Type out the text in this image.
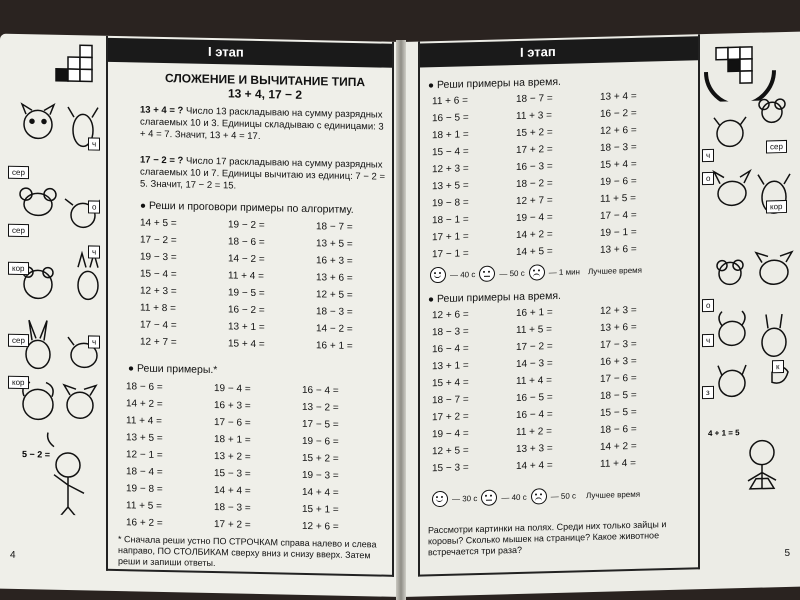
сер
ч
о
сер
ч
кор
сер	ч
кор
5 − 2 =
I этап
СЛОЖЕНИЕ И ВЫЧИТАНИЕ ТИПА
13 + 4, 17 − 2
13 + 4 = ? Число 13 раскладываю на сумму разрядных слагаемых 10 и 3. Единицы складываю с единицами: 3 + 4 = 7. Значит, 13 + 4 = 17.
17 − 2 = ? Число 17 раскладываю на сумму разрядных слагаемых 10 и 7. Единицы вычитаю из единиц: 7 − 2 = 5. Значит, 17 − 2 = 15.
● Реши и проговори примеры по алгоритму.
14 + 5 =	19 − 2 =	18 − 7 =
17 − 2 =	18 − 6 =	13 + 5 =
19 − 3 =	14 − 2 =	16 + 3 =
15 − 4 =	11 + 4 =	13 + 6 =
12 + 3 =	19 − 5 =	12 + 5 =
11 + 8 =	16 − 2 =	18 − 3 =
17 − 4 =	13 + 1 =	14 − 2 =
12 + 7 =	15 + 4 =	16 + 1 =
● Реши примеры.*
18 − 6 =	19 − 4 =	16 − 4 =
14 + 2 =	16 + 3 =	13 − 2 =
11 + 4 =	17 − 6 =	17 − 5 =
13 + 5 =	18 + 1 =	19 − 6 =
12 − 1 =	13 + 2 =	15 + 2 =
18 − 4 =	15 − 3 =	19 − 3 =
19 − 8 =	14 + 4 =	14 + 4 =
11 + 5 =	18 − 3 =	15 + 1 =
16 + 2 =	17 + 2 =	12 + 6 =
* Сначала реши устно ПО СТРОЧКАМ справа налево и слева направо, ПО СТОЛБИКАМ сверху вниз и снизу вверх. Затем реши и запиши ответы.
4
I этап
● Реши примеры на время.
11 + 6 =	18 − 7 =	13 + 4 =
16 − 5 =	11 + 3 =	16 − 2 =
18 + 1 =	15 + 2 =	12 + 6 =
15 − 4 =	17 + 2 =	18 − 3 =
12 + 3 =	16 − 3 =	15 + 4 =
13 + 5 =	18 − 2 =	19 − 6 =
19 − 8 =	12 + 7 =	11 + 5 =
18 − 1 =	19 − 4 =	17 − 4 =
17 + 1 =	14 + 2 =	19 − 1 =
17 − 1 =	14 + 5 =	13 + 6 =
— 40 с	— 50 с	— 1 мин Лучшее время
● Реши примеры на время.
12 + 6 =	16 + 1 =	12 + 3 =
18 − 3 =	11 + 5 =	13 + 6 =
16 − 4 =	17 − 2 =	17 − 3 =
13 + 1 =	14 − 3 =	16 + 3 =
15 + 4 =	11 + 4 =	17 − 6 =
18 − 7 =	16 − 5 =	18 − 5 =
17 + 2 =	16 − 4 =	15 − 5 =
19 − 4 =	11 + 2 =	18 − 6 =
12 + 5 =	13 + 3 =	14 + 2 =
15 − 3 =	14 + 4 =	11 + 4 =
— 30 с	— 40 с	— 50 с Лучшее время
Рассмотри картинки на полях. Среди них только зайцы и коровы? Сколько мышек на странице? Какое животное встречается три раза?	5
ч
сер
о
кор
о
ч
к
з
4 + 1 = 5
